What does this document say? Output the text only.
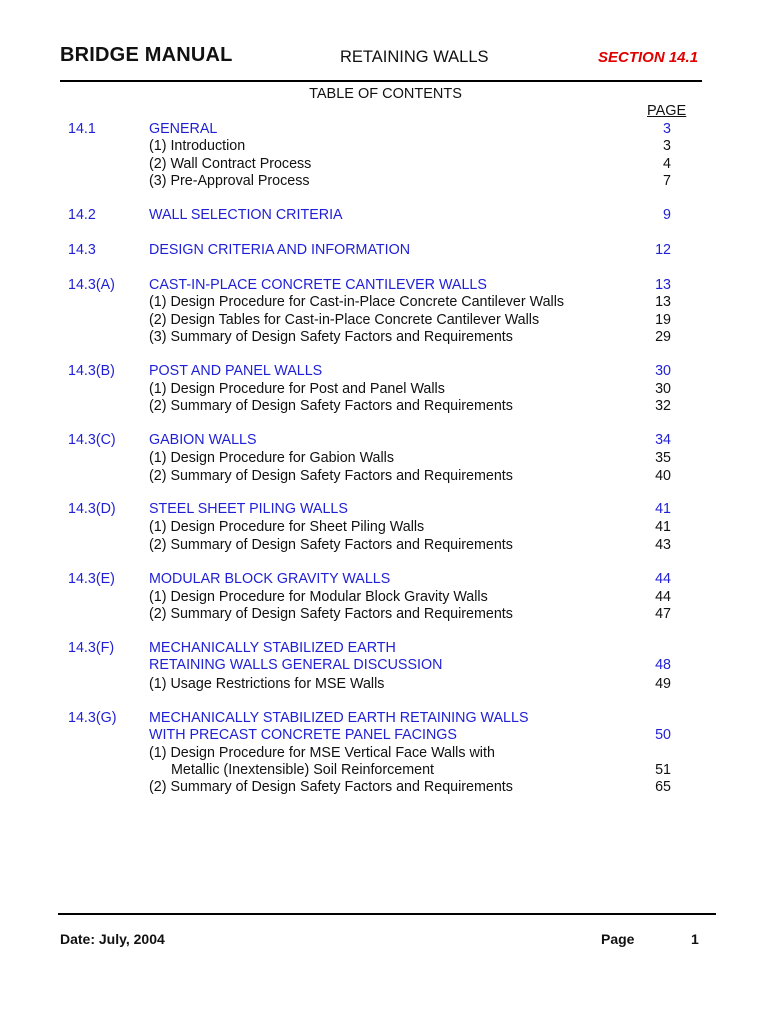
BRIDGE MANUAL	RETAINING WALLS	SECTION 14.1
TABLE OF CONTENTS
PAGE
14.1	GENERAL	3
(1) Introduction	3
(2) Wall Contract Process	4
(3) Pre-Approval Process	7
14.2	WALL SELECTION CRITERIA	9
14.3	DESIGN CRITERIA AND INFORMATION	12
14.3(A) CAST-IN-PLACE CONCRETE CANTILEVER WALLS	13
(1) Design Procedure for Cast-in-Place Concrete Cantilever Walls	13
(2) Design Tables for Cast-in-Place Concrete Cantilever Walls	19
(3) Summary of Design Safety Factors and Requirements	29
14.3(B) POST AND PANEL WALLS	30
(1) Design Procedure for Post and Panel Walls	30
(2) Summary of Design Safety Factors and Requirements	32
14.3(C) GABION WALLS	34
(1) Design Procedure for Gabion Walls	35
(2) Summary of Design Safety Factors and Requirements	40
14.3(D) STEEL SHEET PILING WALLS	41
(1) Design Procedure for Sheet Piling Walls	41
(2) Summary of Design Safety Factors and Requirements	43
14.3(E) MODULAR BLOCK GRAVITY WALLS	44
(1) Design Procedure for Modular Block Gravity Walls	44
(2) Summary of Design Safety Factors and Requirements	47
14.3(F) MECHANICALLY STABILIZED EARTH
RETAINING WALLS GENERAL DISCUSSION	48
(1) Usage Restrictions for MSE Walls	49
14.3(G) MECHANICALLY STABILIZED EARTH RETAINING WALLS
WITH PRECAST CONCRETE PANEL FACINGS	50
(1) Design Procedure for MSE Vertical Face Walls with
Metallic (Inextensible) Soil Reinforcement	51
(2) Summary of Design Safety Factors and Requirements	65
Date: July, 2004	Page	1
